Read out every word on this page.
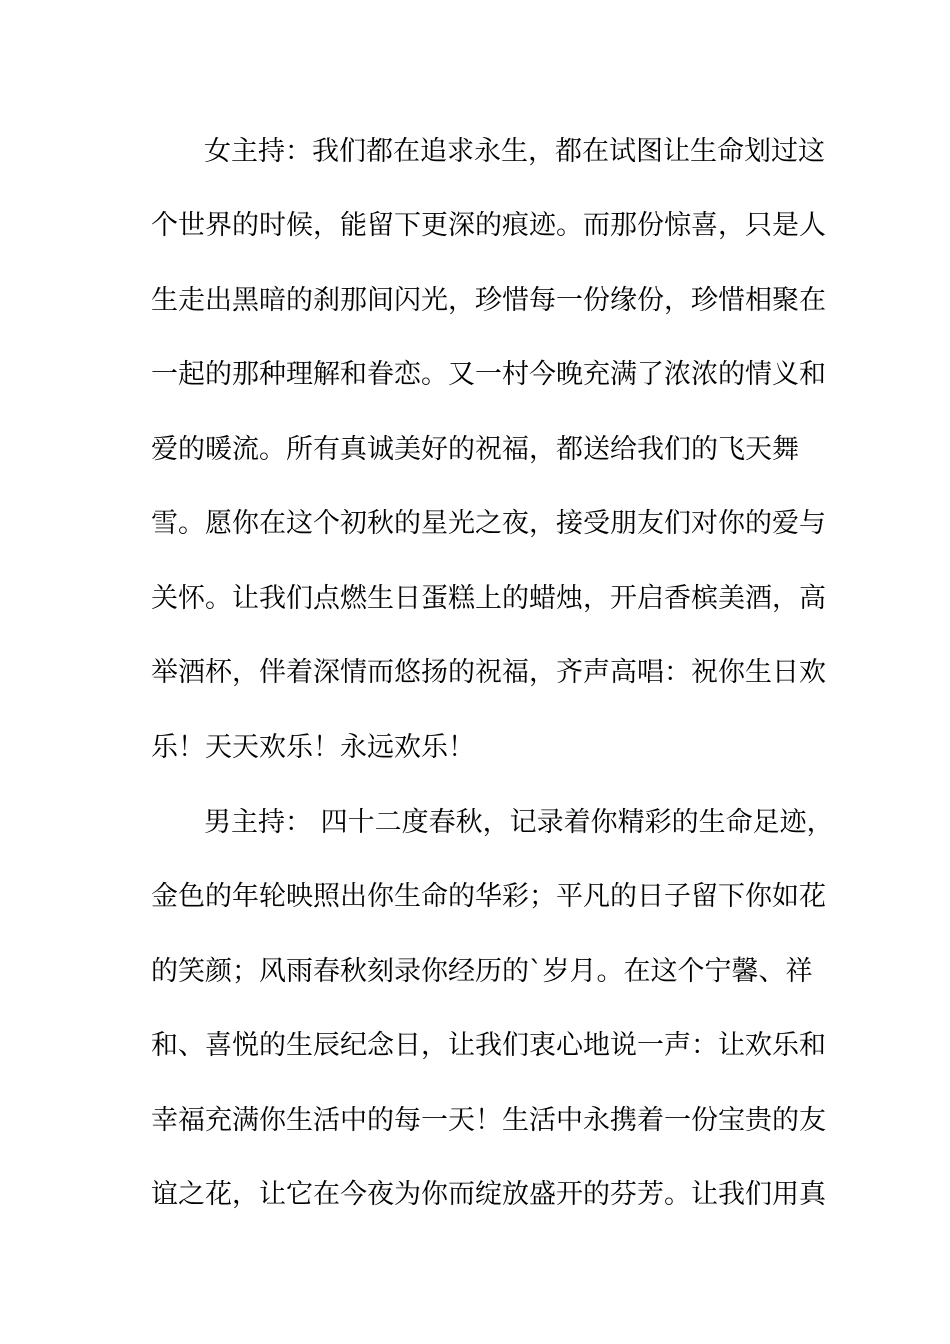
女主持：我们都在追求永生，都在试图让生命划过这
个世界的时候，能留下更深的痕迹。而那份惊喜，只是人
生走出黑暗的刹那间闪光，珍惜每一份缘份，珍惜相聚在
一起的那种理解和眷恋。又一村今晚充满了浓浓的情义和
爱的暖流。所有真诚美好的祝福，都送给我们的飞天舞
雪。愿你在这个初秋的星光之夜，接受朋友们对你的爱与
关怀。让我们点燃生日蛋糕上的蜡烛，开启香槟美酒，高
举酒杯，伴着深情而悠扬的祝福，齐声高唱：祝你生日欢
乐！天天欢乐！永远欢乐！
男主持： 四十二度春秋，记录着你精彩的生命足迹，
金色的年轮映照出你生命的华彩；平凡的日子留下你如花
的笑颜；风雨春秋刻录你经历的`岁月。在这个宁馨、祥
和、喜悦的生辰纪念日，让我们衷心地说一声：让欢乐和
幸福充满你生活中的每一天！生活中永携着一份宝贵的友
谊之花，让它在今夜为你而绽放盛开的芬芳。让我们用真
